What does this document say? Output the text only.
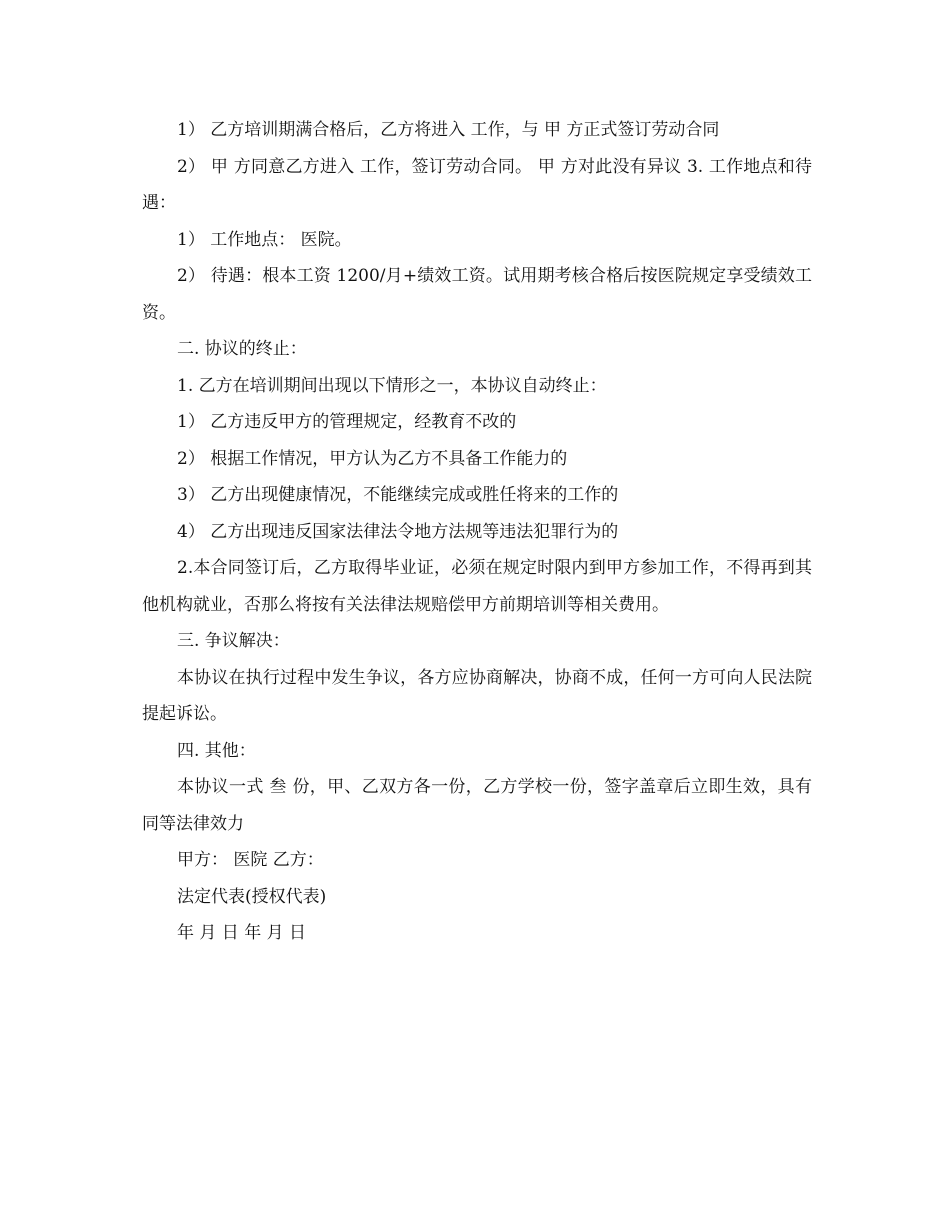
1） 乙方培训期满合格后，乙方将进入 工作，与 甲 方正式签订劳动合同

2） 甲 方同意乙方进入 工作，签订劳动合同。 甲 方对此没有异议 3. 工作地点和待遇：

1） 工作地点： 医院。

2） 待遇：根本工资 1200/月+绩效工资。试用期考核合格后按医院规定享受绩效工资。

二. 协议的终止：

1. 乙方在培训期间出现以下情形之一，本协议自动终止：

1） 乙方违反甲方的管理规定，经教育不改的

2） 根据工作情况，甲方认为乙方不具备工作能力的

3） 乙方出现健康情况，不能继续完成或胜任将来的工作的

4） 乙方出现违反国家法律法令地方法规等违法犯罪行为的

2.本合同签订后，乙方取得毕业证，必须在规定时限内到甲方参加工作，不得再到其他机构就业，否那么将按有关法律法规赔偿甲方前期培训等相关费用。

三. 争议解决：

本协议在执行过程中发生争议，各方应协商解决，协商不成，任何一方可向人民法院提起诉讼。

四. 其他：

本协议一式 叁 份，甲、乙双方各一份，乙方学校一份，签字盖章后立即生效，具有同等法律效力

甲方： 医院 乙方：

法定代表(授权代表)

年 月 日 年 月 日
